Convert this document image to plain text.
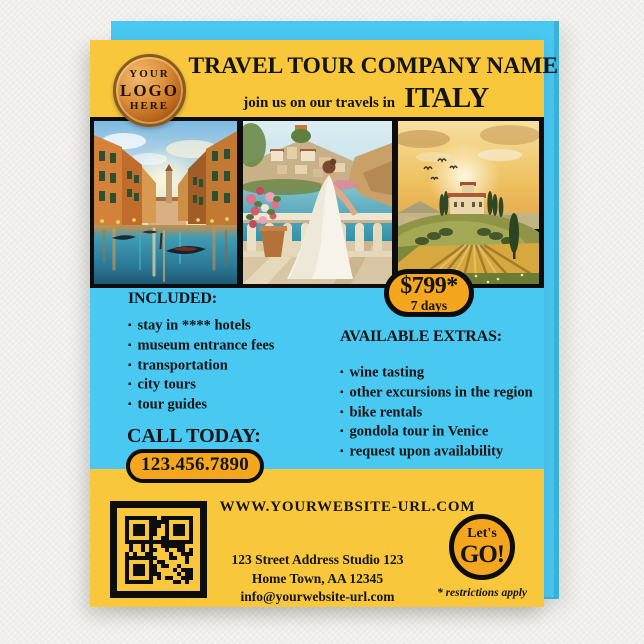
TRAVEL TOUR COMPANY NAME
join us on our travels in ITALY
YOUR
LOGO
HERE
$799*
7 days
INCLUDED:
▪ stay in **** hotels
▪ museum entrance fees
▪ transportation
▪ city tours
▪ tour guides
AVAILABLE EXTRAS:
▪ wine tasting
▪ other excursions in the region
▪ bike rentals
▪ gondola tour in Venice
▪ request upon availability
CALL TODAY:
123.456.7890
WWW.YOURWEBSITE-URL.COM
123 Street Address Studio 123
Home Town, AA 12345
info@yourwebsite-url.com
Let's
GO!
* restrictions apply
